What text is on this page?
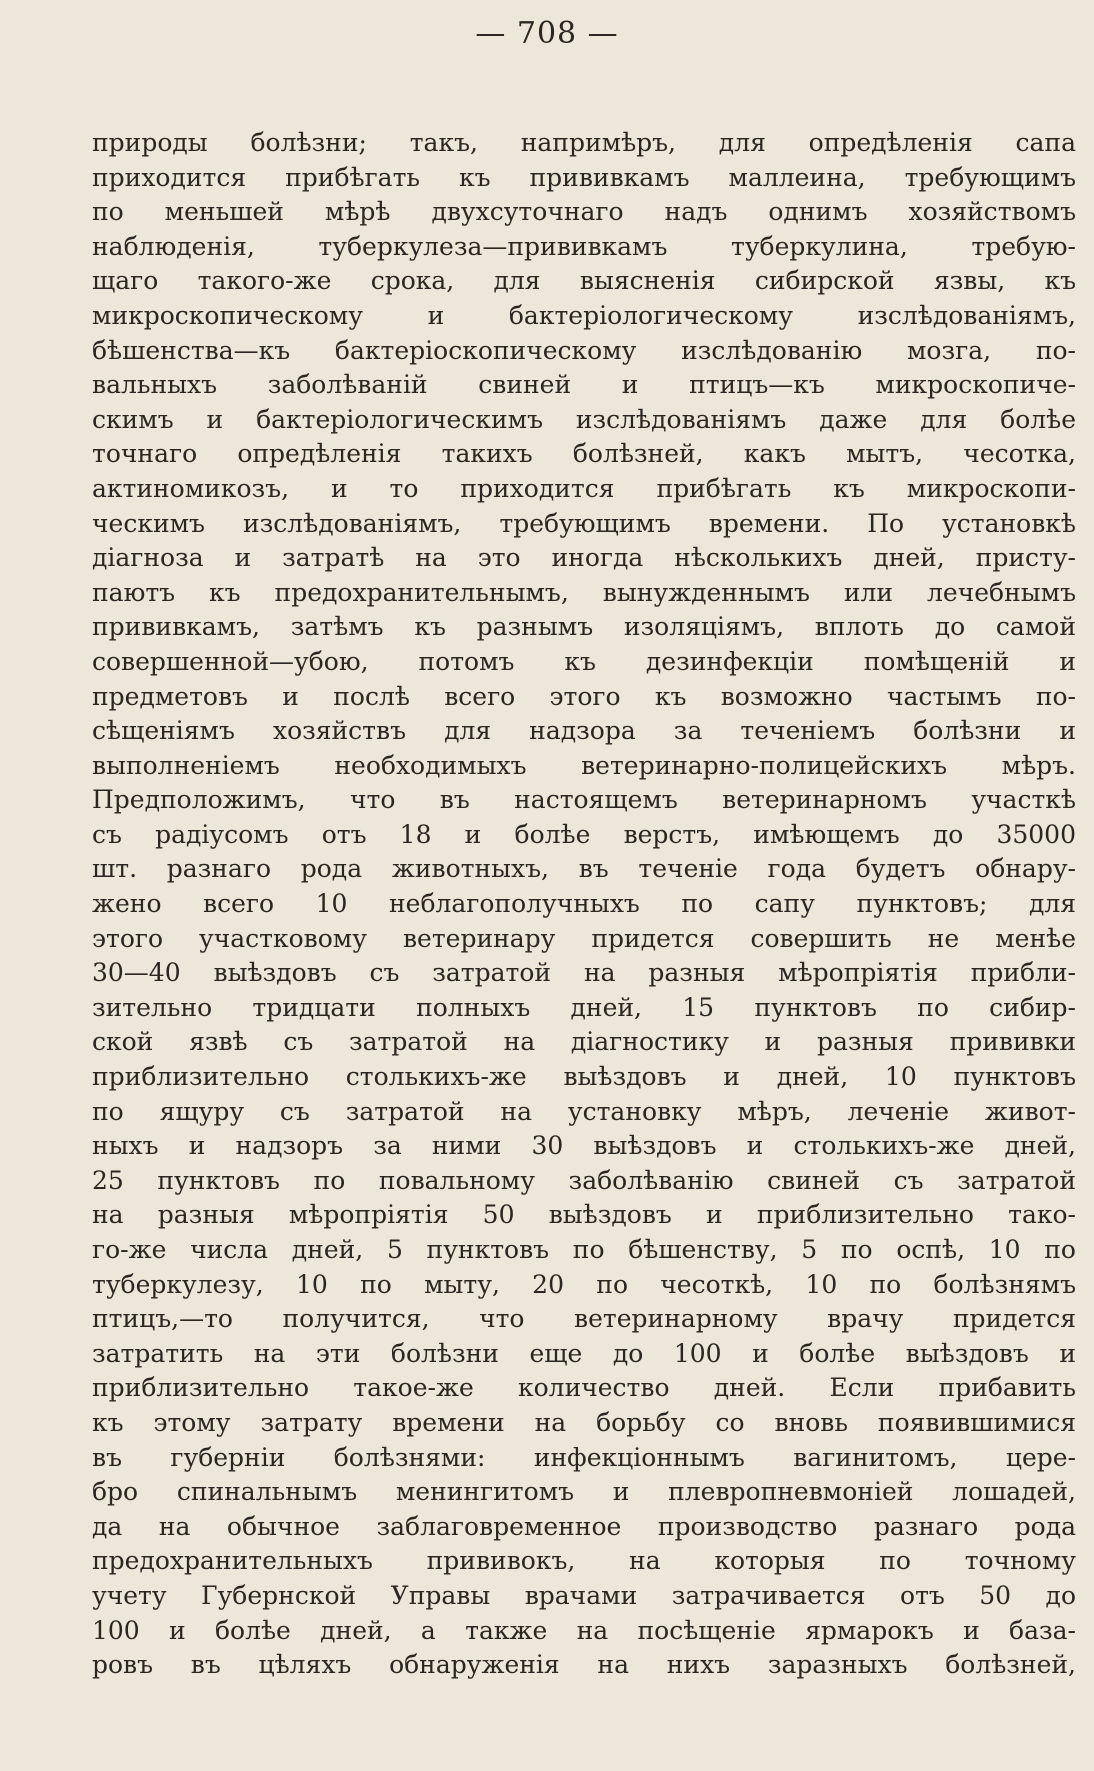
— 708 —
природы болѣзни; такъ, напримѣръ, для опредѣленія сапа
приходится прибѣгать къ прививкамъ маллеина, требующимъ
по меньшей мѣрѣ двухсуточнаго надъ однимъ хозяйствомъ
наблюденія, туберкулеза—прививкамъ туберкулина, требую-
щаго такого-же срока, для выясненія сибирской язвы, къ
микроскопическому и бактеріологическому изслѣдованіямъ,
бѣшенства—къ бактеріоскопическому изслѣдованію мозга, по-
вальныхъ заболѣваній свиней и птицъ—къ микроскопиче-
скимъ и бактеріологическимъ изслѣдованіямъ даже для болѣе
точнаго опредѣленія такихъ болѣзней, какъ мытъ, чесотка,
актиномикозъ, и то приходится прибѣгать къ микроскопи-
ческимъ изслѣдованіямъ, требующимъ времени. По установкѣ
діагноза и затратѣ на это иногда нѣсколькихъ дней, присту-
паютъ къ предохранительнымъ, вынужденнымъ или лечебнымъ
прививкамъ, затѣмъ къ разнымъ изоляціямъ, вплоть до самой
совершенной—убою, потомъ къ дезинфекціи помѣщеній и
предметовъ и послѣ всего этого къ возможно частымъ по-
сѣщеніямъ хозяйствъ для надзора за теченіемъ болѣзни и
выполненіемъ необходимыхъ ветеринарно-полицейскихъ мѣръ.
Предположимъ, что въ настоящемъ ветеринарномъ участкѣ
съ радіусомъ отъ 18 и болѣе верстъ, имѣющемъ до 35000
шт. разнаго рода животныхъ, въ теченіе года будетъ обнару-
жено всего 10 неблагополучныхъ по сапу пунктовъ; для
этого участковому ветеринару придется совершить не менѣе
30—40 выѣздовъ съ затратой на разныя мѣропріятія прибли-
зительно тридцати полныхъ дней, 15 пунктовъ по сибир-
ской язвѣ съ затратой на діагностику и разныя прививки
приблизительно столькихъ-же выѣздовъ и дней, 10 пунктовъ
по ящуру съ затратой на установку мѣръ, леченіе живот-
ныхъ и надзоръ за ними 30 выѣздовъ и столькихъ-же дней,
25 пунктовъ по повальному заболѣванію свиней съ затратой
на разныя мѣропріятія 50 выѣздовъ и приблизительно тако-
го-же числа дней, 5 пунктовъ по бѣшенству, 5 по оспѣ, 10 по
туберкулезу, 10 по мыту, 20 по чесоткѣ, 10 по болѣзнямъ
птицъ,—то получится, что ветеринарному врачу придется
затратить на эти болѣзни еще до 100 и болѣе выѣздовъ и
приблизительно такое-же количество дней. Если прибавить
къ этому затрату времени на борьбу со вновь появившимися
въ губерніи болѣзнями: инфекціоннымъ вагинитомъ, цере-
бро спинальнымъ менингитомъ и плевропневмоніей лошадей,
да на обычное заблаговременное производство разнаго рода
предохранительныхъ прививокъ, на которыя по точному
учету Губернской Управы врачами затрачивается отъ 50 до
100 и болѣе дней, а также на посѣщеніе ярмарокъ и база-
ровъ въ цѣляхъ обнаруженія на нихъ заразныхъ болѣзней,
